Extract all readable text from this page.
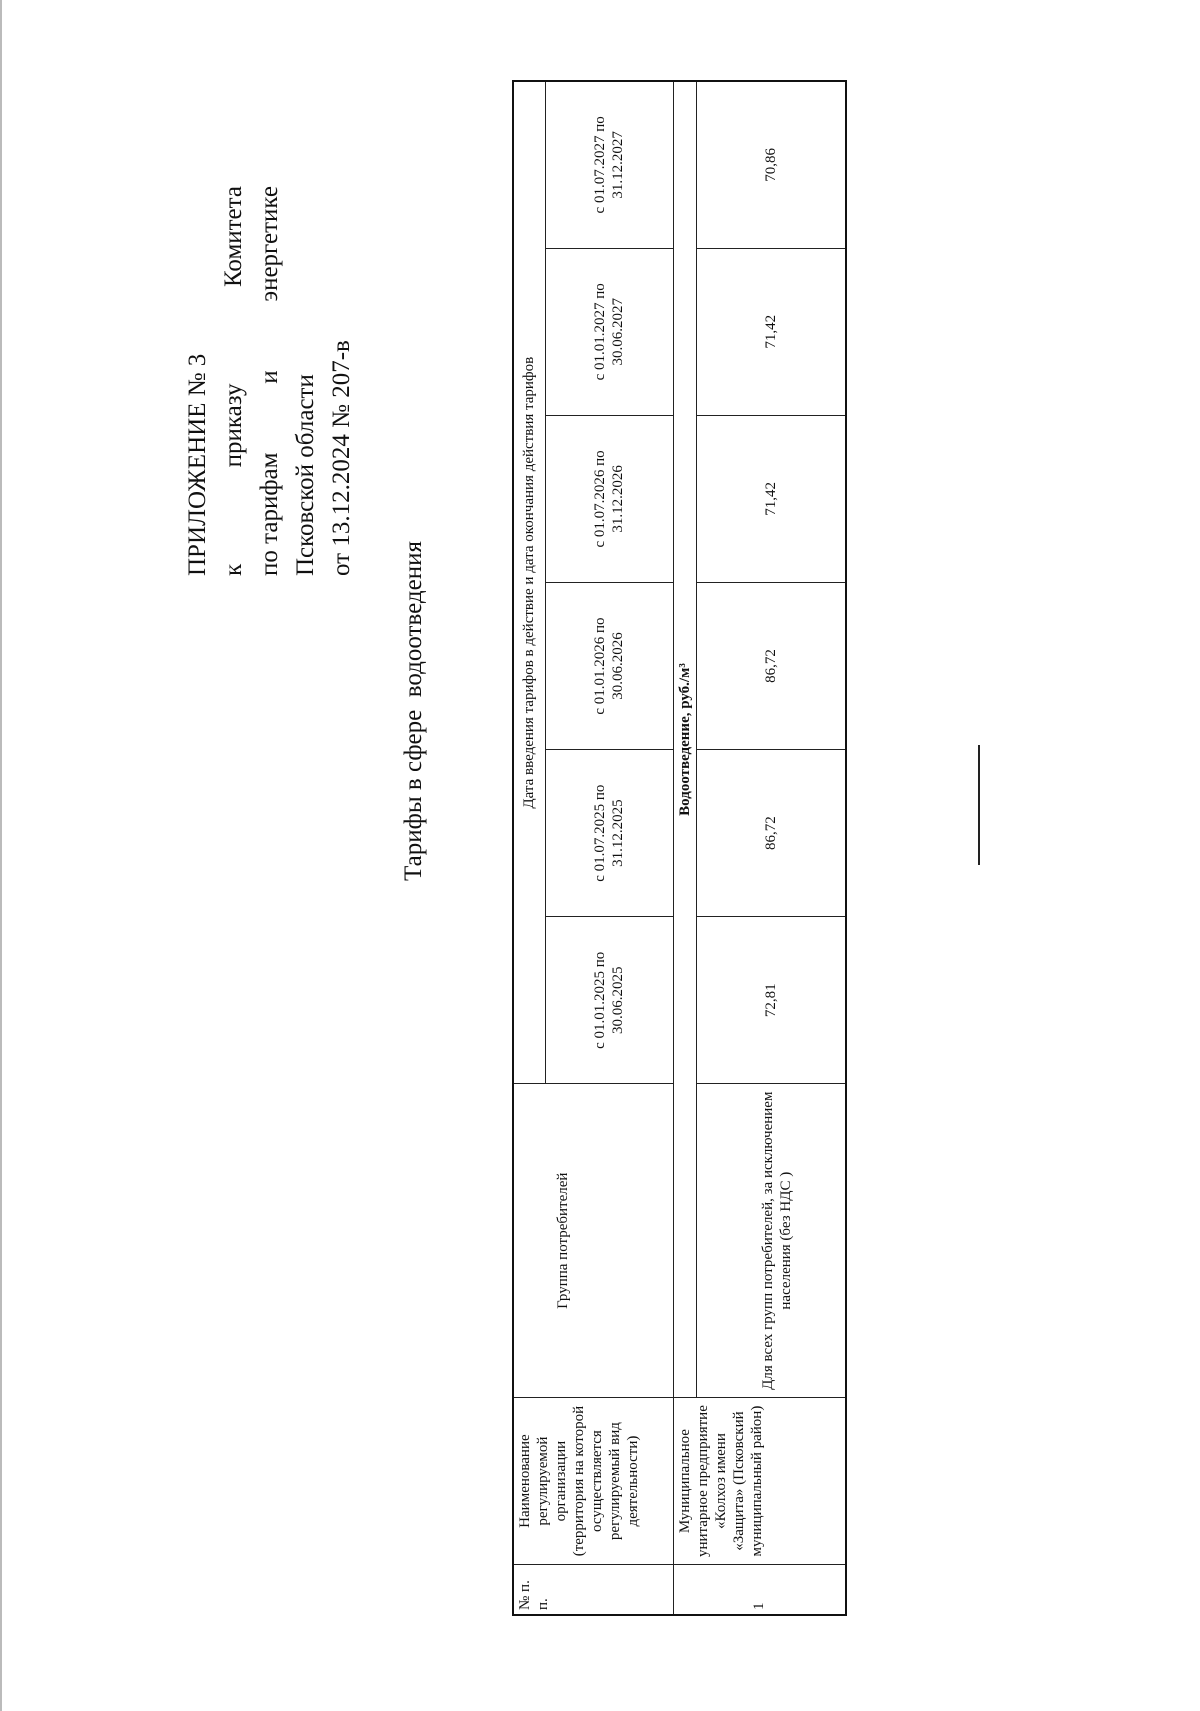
ПРИЛОЖЕНИЕ № 3 к
приказу
Комитета
по тарифам
и
энергетике
Псковской области от 13.12.2024 № 207-в
Тарифы в сфере  водоотведения
№ п. п.	Наименование регулируемой организации (территория на которой осуществляется регулируемый вид деятельности)	Группа потребителей	Дата введения тарифов в действие и дата окончания действия тарифов					
			с 01.01.2025 по 30.06.2025	с 01.07.2025 по 31.12.2025	с 01.01.2026 по 30.06.2026	с 01.07.2026 по 31.12.2026	с 01.01.2027 по 30.06.2027	с 01.07.2027 по 31.12.2027
1	Муниципальное унитарное предприятие «Колхоз имени «Защита» (Псковский муниципальный район)	Водоотведение, руб./м³						
		Для всех групп потребителей, за исключением населения (без НДС )	72,81	86,72	86,72	71,42	71,42	70,86
